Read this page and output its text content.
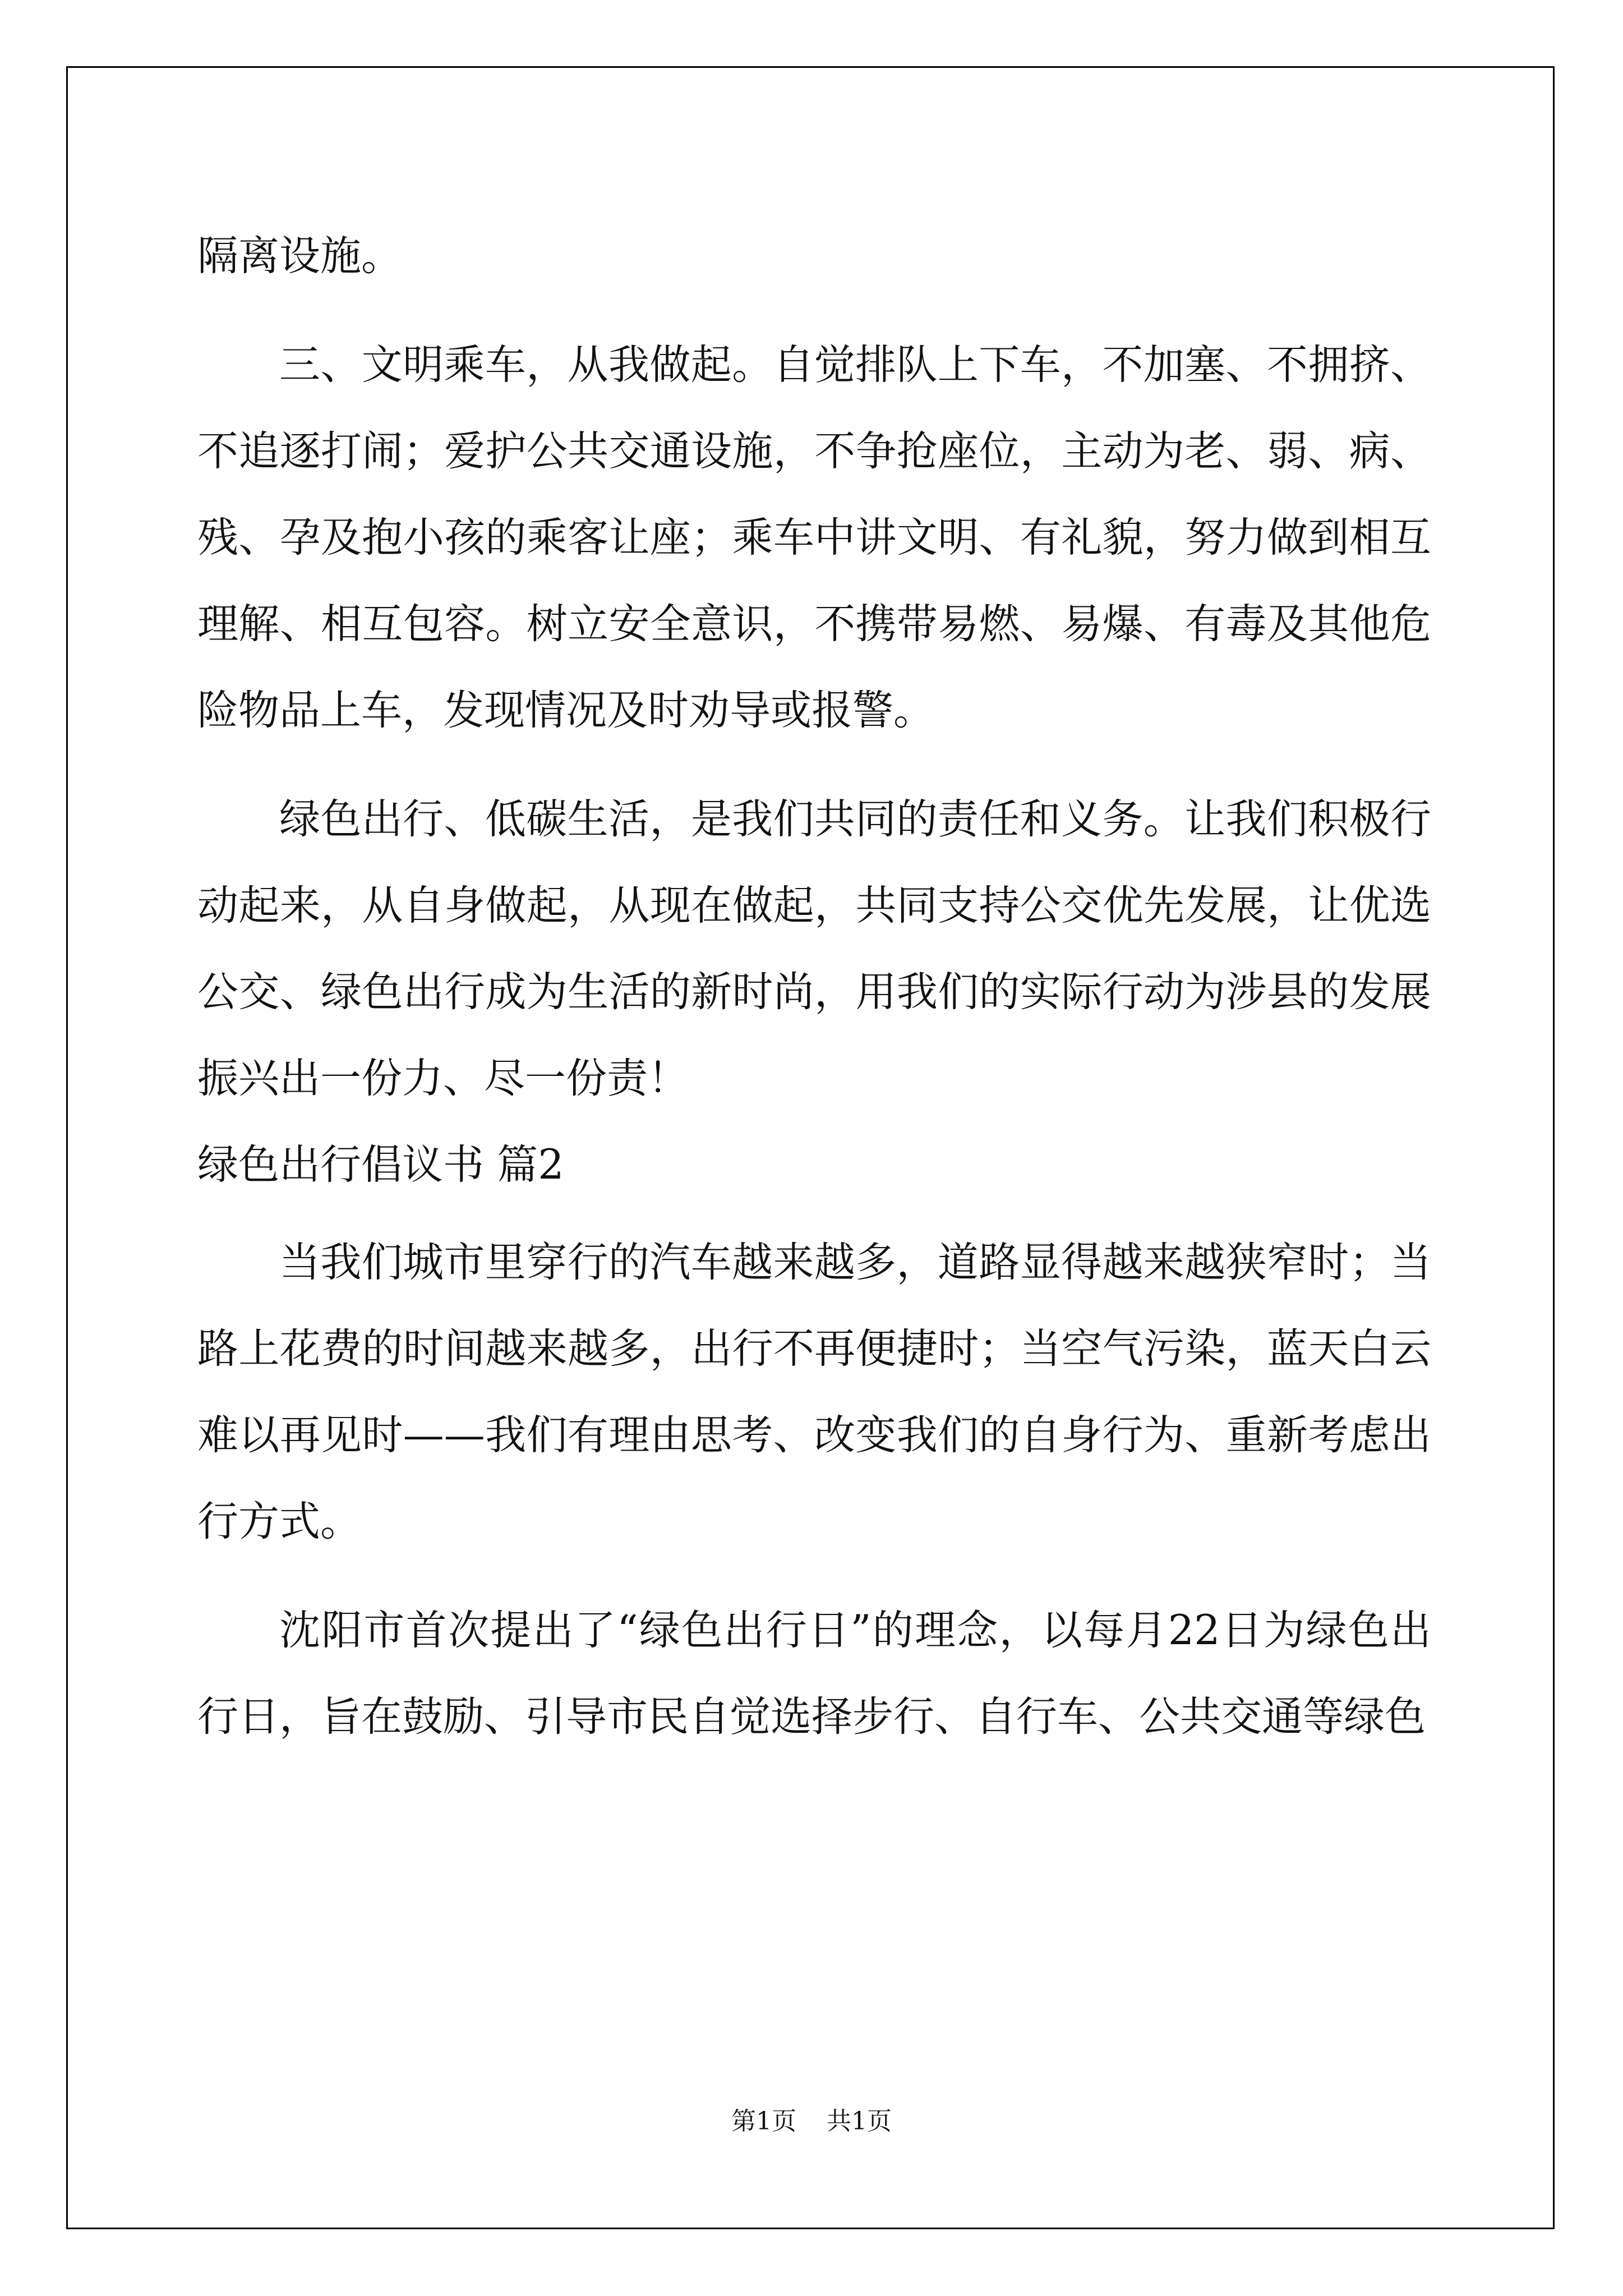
隔离设施。

三、文明乘车，从我做起。自觉排队上下车，不加塞、不拥挤、不追逐打闹；爱护公共交通设施，不争抢座位，主动为老、弱、病、残、孕及抱小孩的乘客让座；乘车中讲文明、有礼貌，努力做到相互理解、相互包容。树立安全意识，不携带易燃、易爆、有毒及其他危险物品上车，发现情况及时劝导或报警。

绿色出行、低碳生活，是我们共同的责任和义务。让我们积极行动起来，从自身做起，从现在做起，共同支持公交优先发展，让优选公交、绿色出行成为生活的新时尚，用我们的实际行动为涉县的发展振兴出一份力、尽一份责！

绿色出行倡议书 篇2

当我们城市里穿行的汽车越来越多，道路显得越来越狭窄时；当路上花费的时间越来越多，出行不再便捷时；当空气污染，蓝天白云难以再见时——我们有理由思考、改变我们的自身行为、重新考虑出行方式。

沈阳市首次提出了“绿色出行日”的理念，以每月22日为绿色出行日，旨在鼓励、引导市民自觉选择步行、自行车、公共交通等绿色

第1页 共1页
